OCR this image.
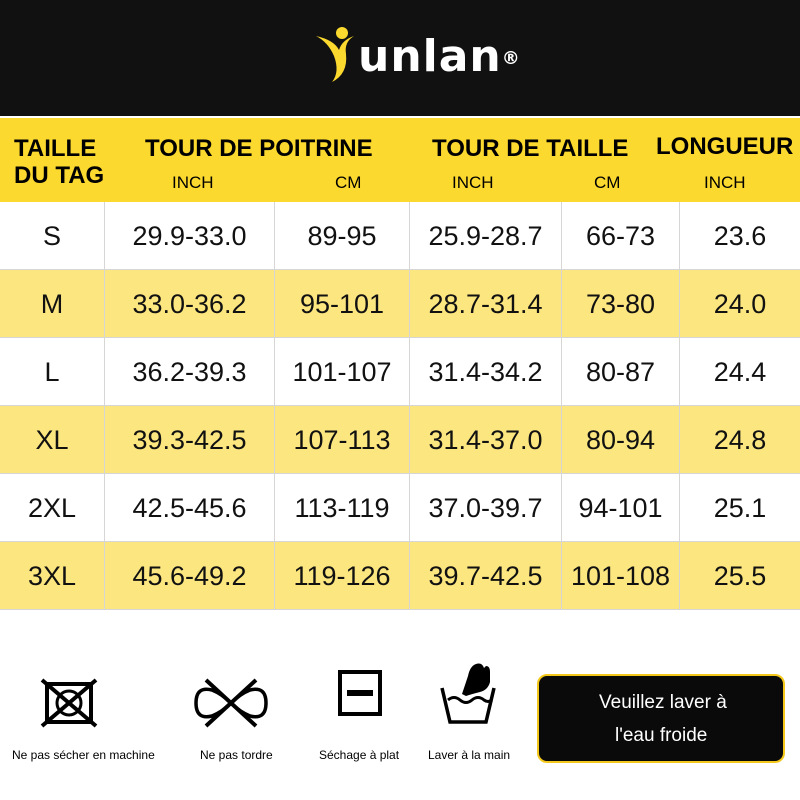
unlan®
TAILLE
DU TAG
TOUR DE POITRINE TOUR DE TAILLE LONGUEUR
INCH	CM	INCH	CM	INCH
S	29.9-33.0	89-95	25.9-28.7	66-73	23.6
M	33.0-36.2	95-101	28.7-31.4	73-80	24.0
L	36.2-39.3	101-107	31.4-34.2	80-87	24.4
XL	39.3-42.5	107-113	31.4-37.0	80-94	24.8
2XL	42.5-45.6	113-119	37.0-39.7	94-101	25.1
3XL	45.6-49.2	119-126	39.7-42.5	101-108	25.5
Ne pas sécher en machine	Ne pas tordre	Séchage à plat Laver à la main
Veuillez laver à
l'eau froide
